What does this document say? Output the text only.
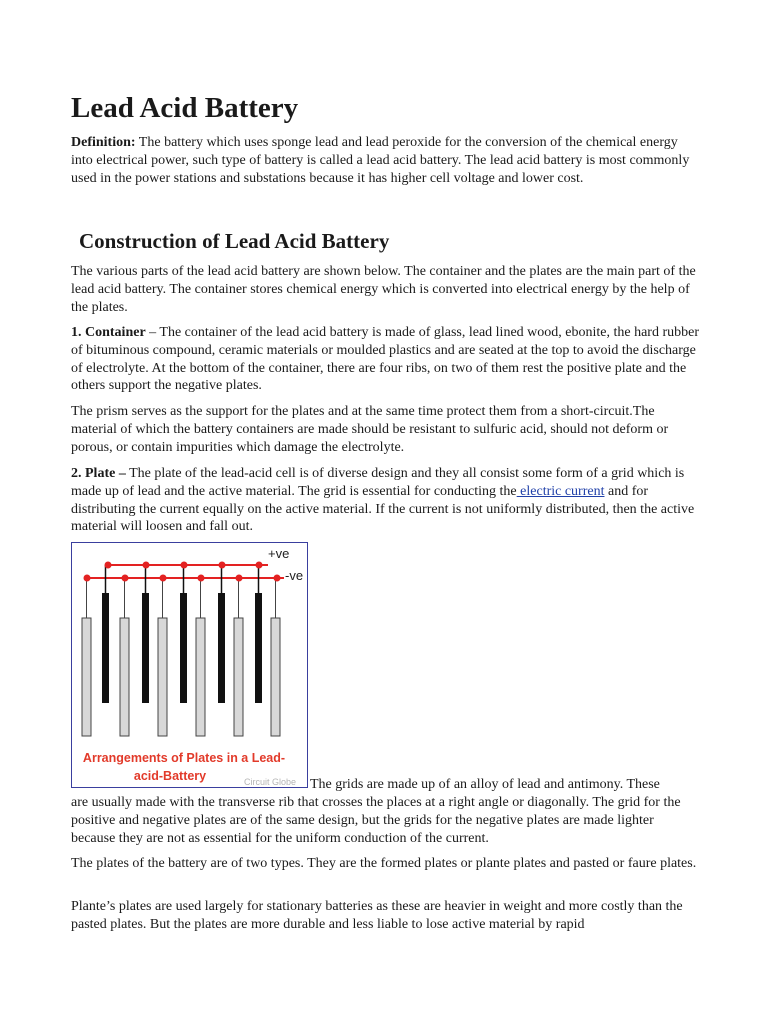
Lead Acid Battery

Definition: The battery which uses sponge lead and lead peroxide for the conversion of the chemical energy into electrical power, such type of battery is called a lead acid battery. The lead acid battery is most commonly used in the power stations and substations because it has higher cell voltage and lower cost.

Construction of Lead Acid Battery

The various parts of the lead acid battery are shown below. The container and the plates are the main part of the lead acid battery. The container stores chemical energy which is converted into electrical energy by the help of the plates.

1. Container – The container of the lead acid battery is made of glass, lead lined wood, ebonite, the hard rubber of bituminous compound, ceramic materials or moulded plastics and are seated at the top to avoid the discharge of electrolyte. At the bottom of the container, there are four ribs, on two of them rest the positive plate and the others support the negative plates.

The prism serves as the support for the plates and at the same time protect them from a short-circuit.The material of which the battery containers are made should be resistant to sulfuric acid, should not deform or porous, or contain impurities which damage the electrolyte.

2. Plate – The plate of the lead-acid cell is of diverse design and they all consist some form of a grid which is made up of lead and the active material. The grid is essential for conducting the electric current and for distributing the current equally on the active material. If the current is not uniformly distributed, then the active material will loosen and fall out.

+ve
-ve
Arrangements of Plates in a Lead-
acid-Battery	Circuit Globe The grids are made up of an alloy of lead and antimony. These

are usually made with the transverse rib that crosses the places at a right angle or diagonally. The grid for the positive and negative plates are of the same design, but the grids for the negative plates are made lighter because they are not as essential for the uniform conduction of the current.

The plates of the battery are of two types. They are the formed plates or plante plates and pasted or faure plates.

Plante’s plates are used largely for stationary batteries as these are heavier in weight and more costly than the pasted plates. But the plates are more durable and less liable to lose active material by rapid
